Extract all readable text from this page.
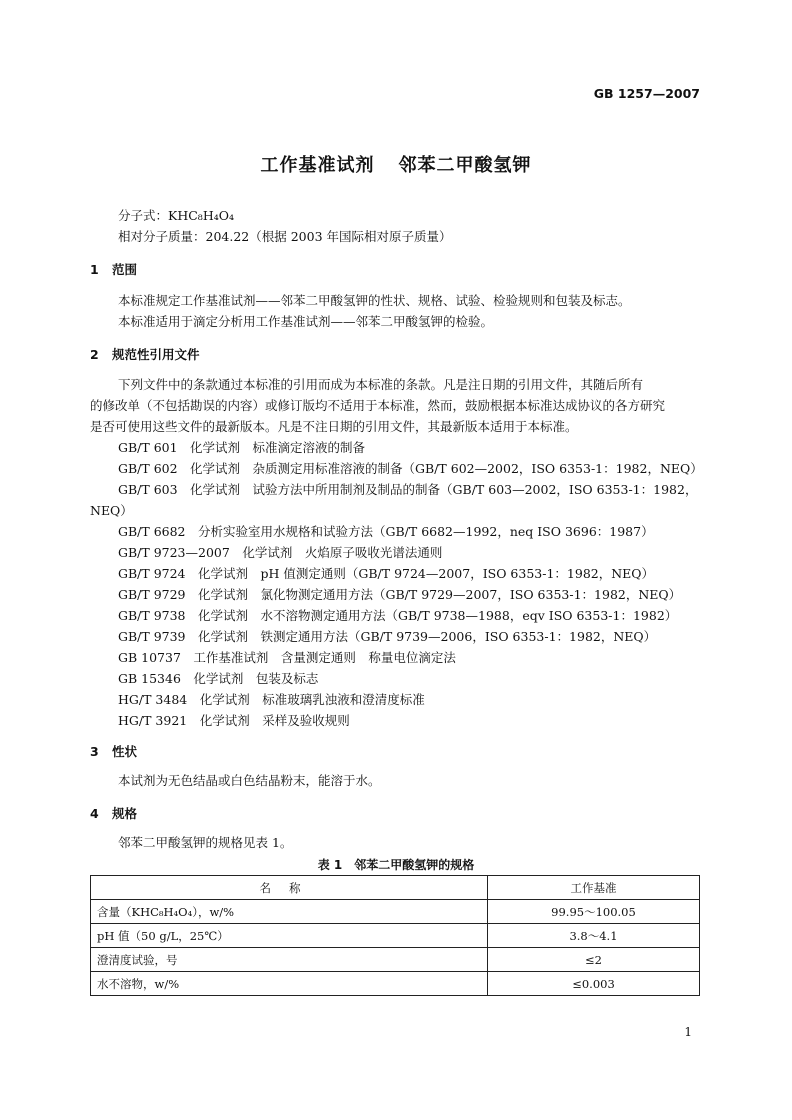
GB 1257—2007
工作基准试剂 邻苯二甲酸氢钾
分子式：KHC₈H₄O₄
相对分子质量：204.22（根据 2003 年国际相对原子质量）
1 范围
本标准规定工作基准试剂——邻苯二甲酸氢钾的性状、规格、试验、检验规则和包装及标志。
本标准适用于滴定分析用工作基准试剂——邻苯二甲酸氢钾的检验。
2 规范性引用文件
下列文件中的条款通过本标准的引用而成为本标准的条款。凡是注日期的引用文件，其随后所有
的修改单（不包括勘误的内容）或修订版均不适用于本标准，然而，鼓励根据本标准达成协议的各方研究
是否可使用这些文件的最新版本。凡是不注日期的引用文件，其最新版本适用于本标准。
GB/T 601　化学试剂　标准滴定溶液的制备
GB/T 602　化学试剂　杂质测定用标准溶液的制备（GB/T 602—2002，ISO 6353-1：1982，NEQ）
GB/T 603　化学试剂　试验方法中所用制剂及制品的制备（GB/T 603—2002，ISO 6353-1：1982，
NEQ）
GB/T 6682　分析实验室用水规格和试验方法（GB/T 6682—1992，neq ISO 3696：1987）
GB/T 9723—2007　化学试剂　火焰原子吸收光谱法通则
GB/T 9724　化学试剂　pH 值测定通则（GB/T 9724—2007，ISO 6353-1：1982，NEQ）
GB/T 9729　化学试剂　氯化物测定通用方法（GB/T 9729—2007，ISO 6353-1：1982，NEQ）
GB/T 9738　化学试剂　水不溶物测定通用方法（GB/T 9738—1988，eqv ISO 6353-1：1982）
GB/T 9739　化学试剂　铁测定通用方法（GB/T 9739—2006，ISO 6353-1：1982，NEQ）
GB 10737　工作基准试剂　含量测定通则　称量电位滴定法
GB 15346　化学试剂　包装及标志
HG/T 3484　化学试剂　标准玻璃乳浊液和澄清度标准
HG/T 3921　化学试剂　采样及验收规则
3 性状
本试剂为无色结晶或白色结晶粉末，能溶于水。
4 规格
邻苯二甲酸氢钾的规格见表 1。
表 1　邻苯二甲酸氢钾的规格
名称	工作基准
含量（KHC₈H₄O₄），w/%	99.95～100.05
pH 值（50 g/L，25℃）	3.8～4.1
澄清度试验，号	≤2
水不溶物，w/%	≤0.003
1
